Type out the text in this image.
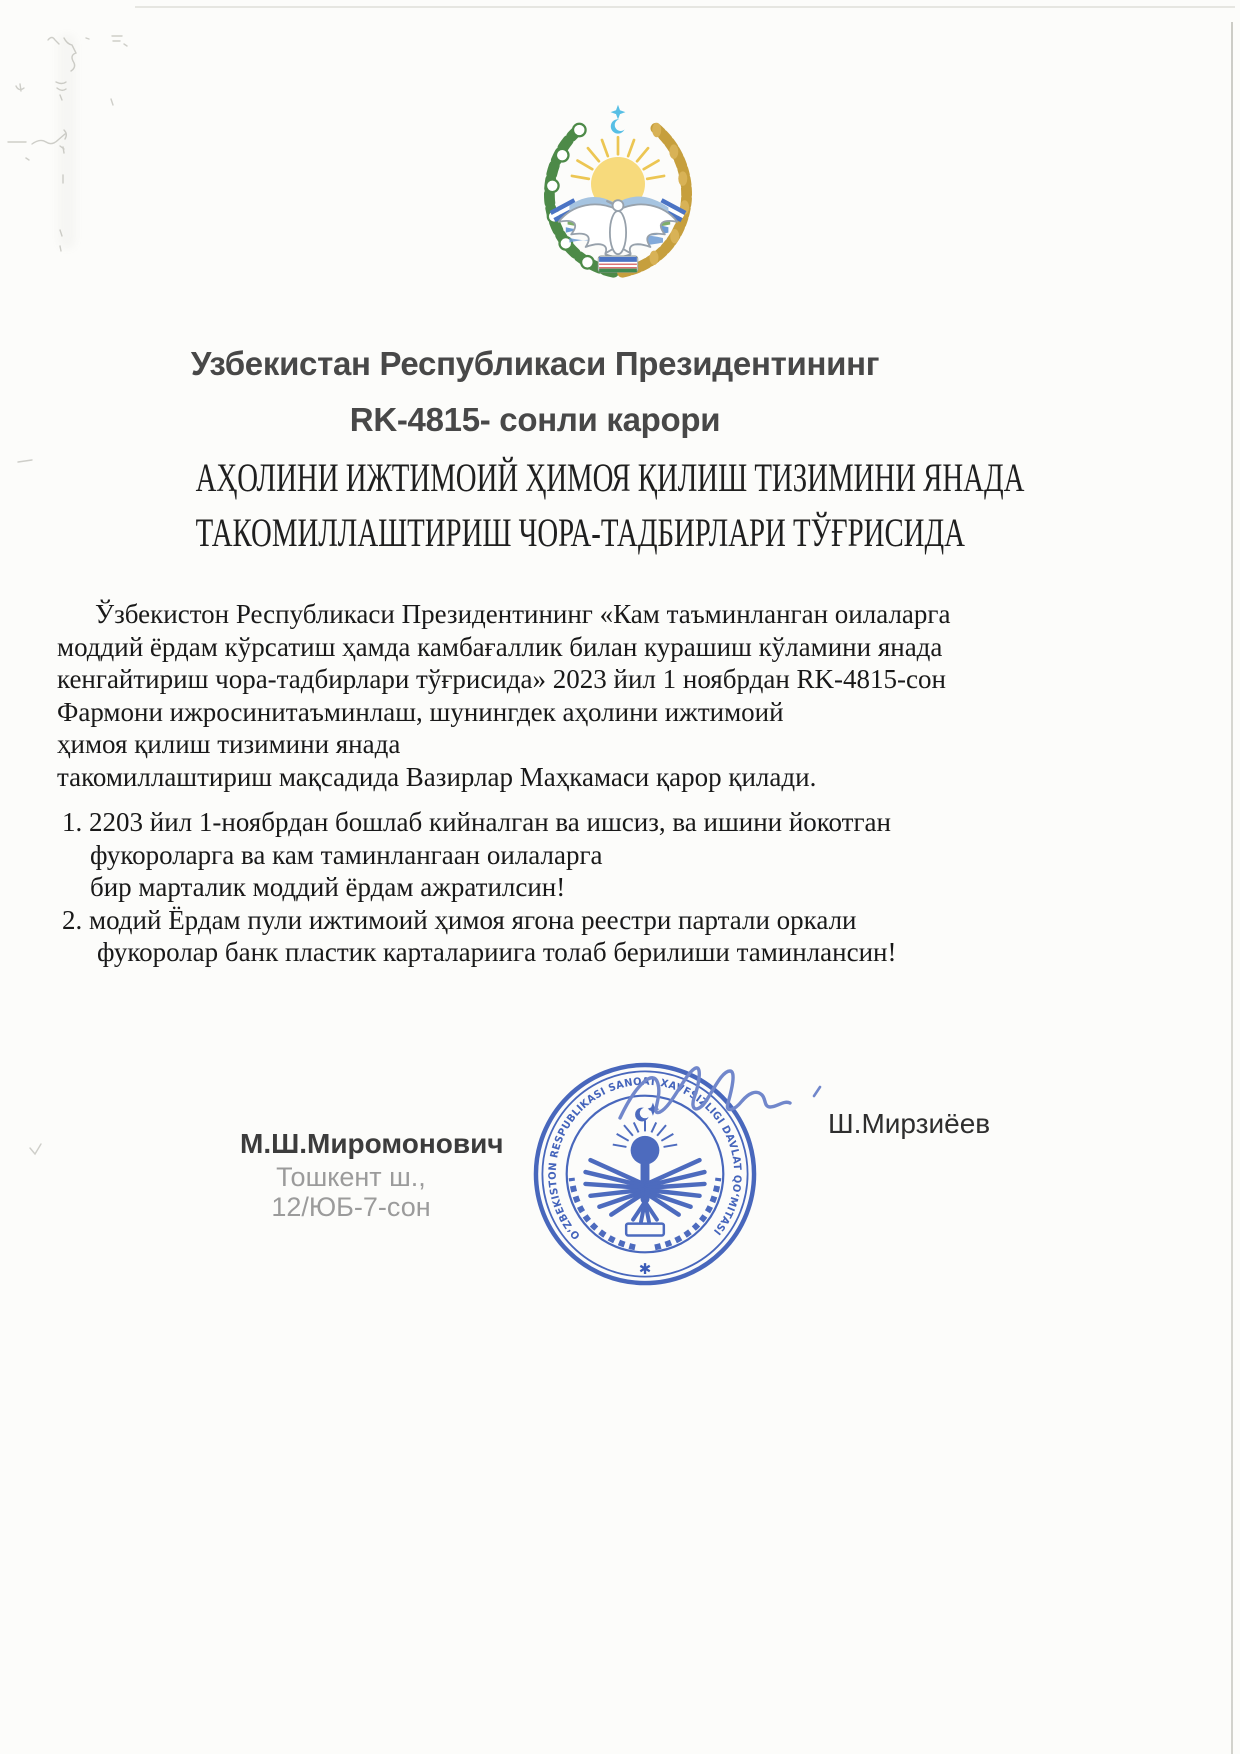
Узбекистан Республикаси Президентининг
RK-4815- сонли карори
АҲОЛИНИ ИЖТИМОИЙ ҲИМОЯ ҚИЛИШ ТИЗИМИНИ ЯНАДА
ТАКОМИЛЛАШТИРИШ ЧОРА-ТАДБИРЛАРИ ТЎҒРИСИДА
Ўзбекистон Республикаси Президентининг «Кам таъминланган оилаларга
моддий ёрдам кўрсатиш ҳамда камбағаллик билан курашиш кўламини янада
кенгайтириш чора-тадбирлари тўғрисида» 2023 йил 1 ноябрдан RK-4815-сон
Фармони ижросинитаъминлаш, шунингдек аҳолини ижтимоий
ҳимоя қилиш тизимини янада
такомиллаштириш мақсадида Вазирлар Маҳкамаси қарор қилади.
1. 2203 йил 1-ноябрдан бошлаб кийналган ва ишсиз, ва ишини йокотган
фукороларга ва кам таминлангаан оилаларга
бир марталик моддий ёрдам ажратилсин!
2. модий Ёрдам пули ижтимоий ҳимоя ягона реестри партали оркали
фукоролар банк пластик карталариига толаб берилиши таминлансин!
М.Ш.Миромонович
Тошкент ш.,
12/ЮБ-7-сон
O‘ZBEKISTON RESPUBLIKASI SANOAT XAVFSIZLIGI DAVLAT QO‘MITASI
✱
Ш.Мирзиёев
